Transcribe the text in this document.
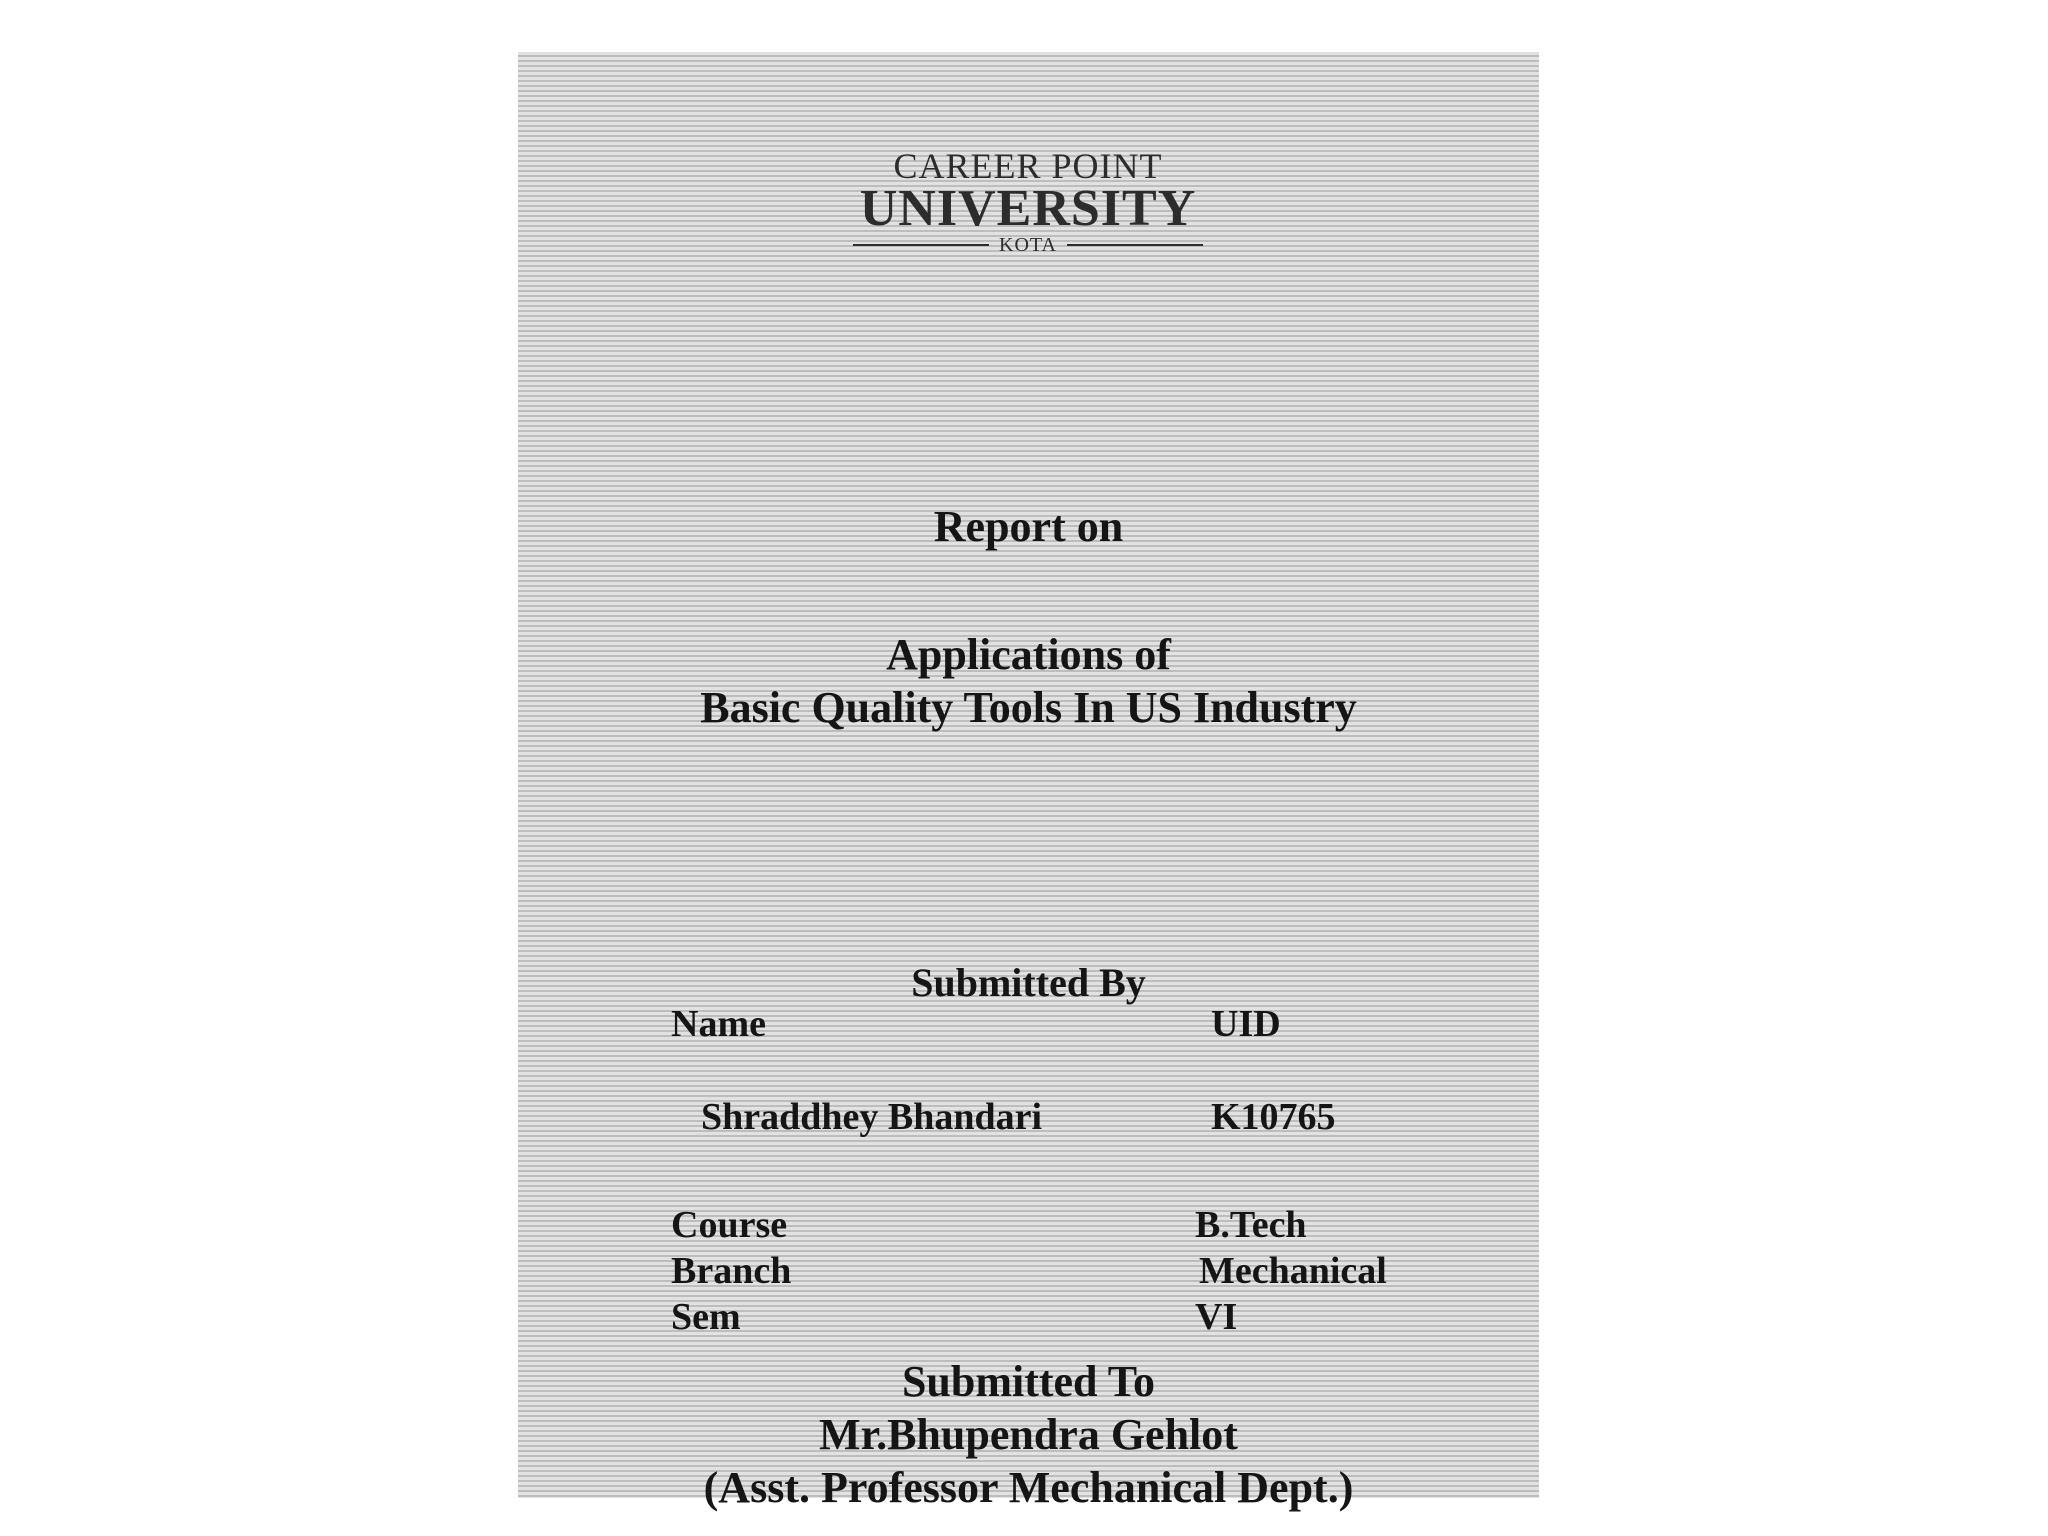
CAREER POINT
UNIVERSITY
KOTA
Report on
Applications of
Basic Quality Tools In US Industry
Submitted By
Name	UID
Shraddhey Bhandari	K10765
Course	B.Tech
Branch	Mechanical
Sem	VI
Submitted To
Mr.Bhupendra Gehlot
(Asst. Professor Mechanical Dept.)
